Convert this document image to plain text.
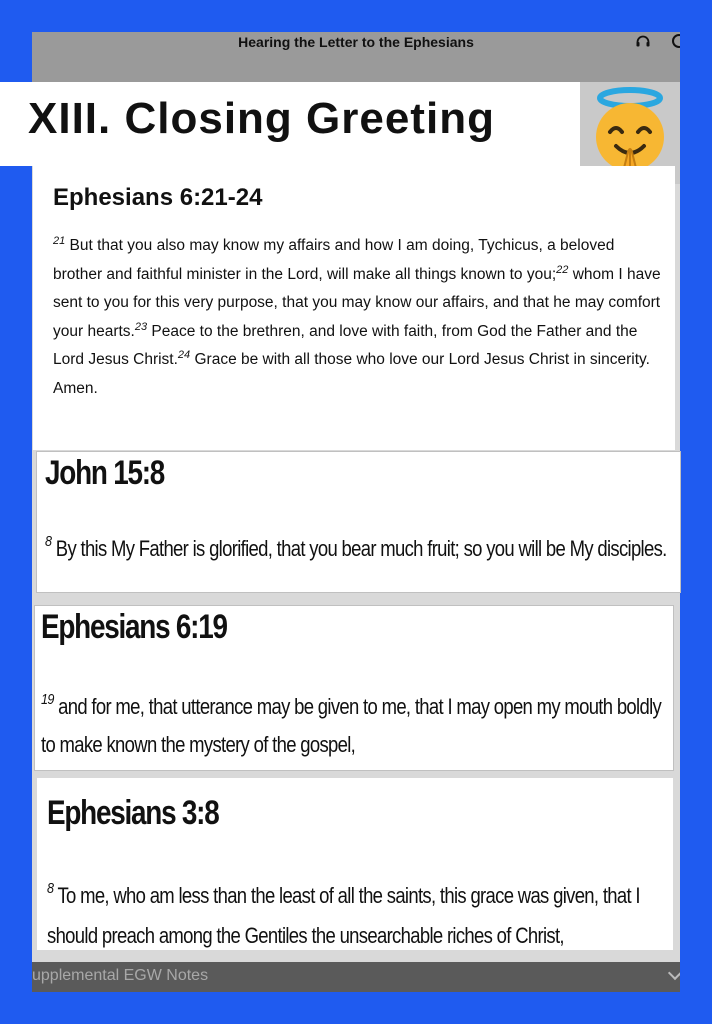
Hearing the Letter to the Ephesians
upplemental EGW Notes
XIII. Closing Greeting
Ephesians 6:21-24
$^{21}$ But that you also may know my affairs and how I am doing, Tychicus, a beloved brother and faithful minister in the Lord, will make all things known to you;$^{22}$ whom I have sent to you for this very purpose, that you may know our affairs, and that he may comfort your hearts.$^{23}$ Peace to the brethren, and love with faith, from God the Father and the Lord Jesus Christ.$^{24}$ Grace be with all those who love our Lord Jesus Christ in sincerity. Amen.
John 15:8
$^8$ By this My Father is glorified, that you bear much fruit; so you will be My disciples.
Ephesians 6:19
$^{19}$ and for me, that utterance may be given to me, that I may open my mouth boldly to make known the mystery of the gospel,
Ephesians 3:8
$^8$ To me, who am less than the least of all the saints, this grace was given, that I should preach among the Gentiles the unsearchable riches of Christ,
